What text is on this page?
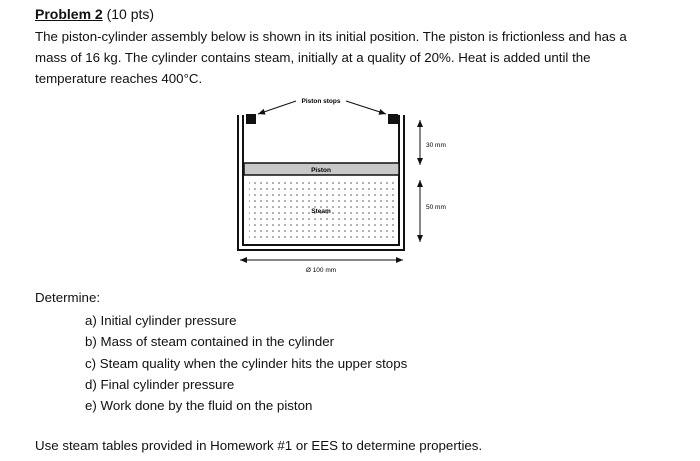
Problem 2 (10 pts)
The piston-cylinder assembly below is shown in its initial position. The piston is frictionless and has a
mass of 16 kg. The cylinder contains steam, initially at a quality of 20%. Heat is added until the
temperature reaches 400°C.
Piston stops
Piston
Steam
30 mm
50 mm
Ø 100 mm
Determine:
a) Initial cylinder pressure
b) Mass of steam contained in the cylinder
c) Steam quality when the cylinder hits the upper stops
d) Final cylinder pressure
e) Work done by the fluid on the piston
Use steam tables provided in Homework #1 or EES to determine properties.
